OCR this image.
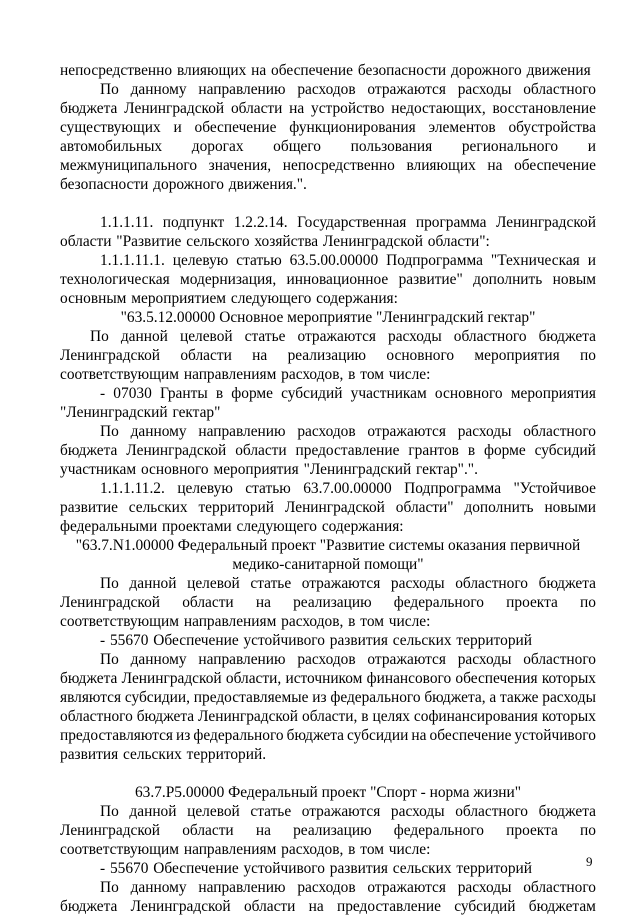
непосредственно влияющих на обеспечение безопасности дорожного движения
По данному направлению расходов отражаются расходы областного
бюджета Ленинградской области на устройство недостающих, восстановление
существующих и обеспечение функционирования элементов обустройства
автомобильных дорогах общего пользования регионального и
межмуниципального значения, непосредственно влияющих на обеспечение
безопасности дорожного движения.".
1.1.1.11. подпункт 1.2.2.14. Государственная программа Ленинградской
области "Развитие сельского хозяйства Ленинградской области":
1.1.1.11.1. целевую статью 63.5.00.00000 Подпрограмма "Техническая и
технологическая модернизация, инновационное развитие" дополнить новым
основным мероприятием следующего содержания:
"63.5.12.00000 Основное мероприятие "Ленинградский гектар"
По данной целевой статье отражаются расходы областного бюджета
Ленинградской области на реализацию основного мероприятия по
соответствующим направлениям расходов, в том числе:
- 07030 Гранты в форме субсидий участникам основного мероприятия
"Ленинградский гектар"
По данному направлению расходов отражаются расходы областного
бюджета Ленинградской области предоставление грантов в форме субсидий
участникам основного мероприятия "Ленинградский гектар".".
1.1.1.11.2. целевую статью 63.7.00.00000 Подпрограмма "Устойчивое
развитие сельских территорий Ленинградской области" дополнить новыми
федеральными проектами следующего содержания:
"63.7.N1.00000 Федеральный проект "Развитие системы оказания первичной
медико-санитарной помощи"
По данной целевой статье отражаются расходы областного бюджета
Ленинградской области на реализацию федерального проекта по
соответствующим направлениям расходов, в том числе:
- 55670 Обеспечение устойчивого развития сельских территорий
По данному направлению расходов отражаются расходы областного
бюджета Ленинградской области, источником финансового обеспечения которых
являются субсидии, предоставляемые из федерального бюджета, а также расходы
областного бюджета Ленинградской области, в целях софинансирования которых
предоставляются из федерального бюджета субсидии на обеспечение устойчивого
развития сельских территорий.
63.7.P5.00000 Федеральный проект "Спорт - норма жизни"
По данной целевой статье отражаются расходы областного бюджета
Ленинградской области на реализацию федерального проекта по
соответствующим направлениям расходов, в том числе:
- 55670 Обеспечение устойчивого развития сельских территорий
По данному направлению расходов отражаются расходы областного
бюджета Ленинградской области на предоставление субсидий бюджетам
9
